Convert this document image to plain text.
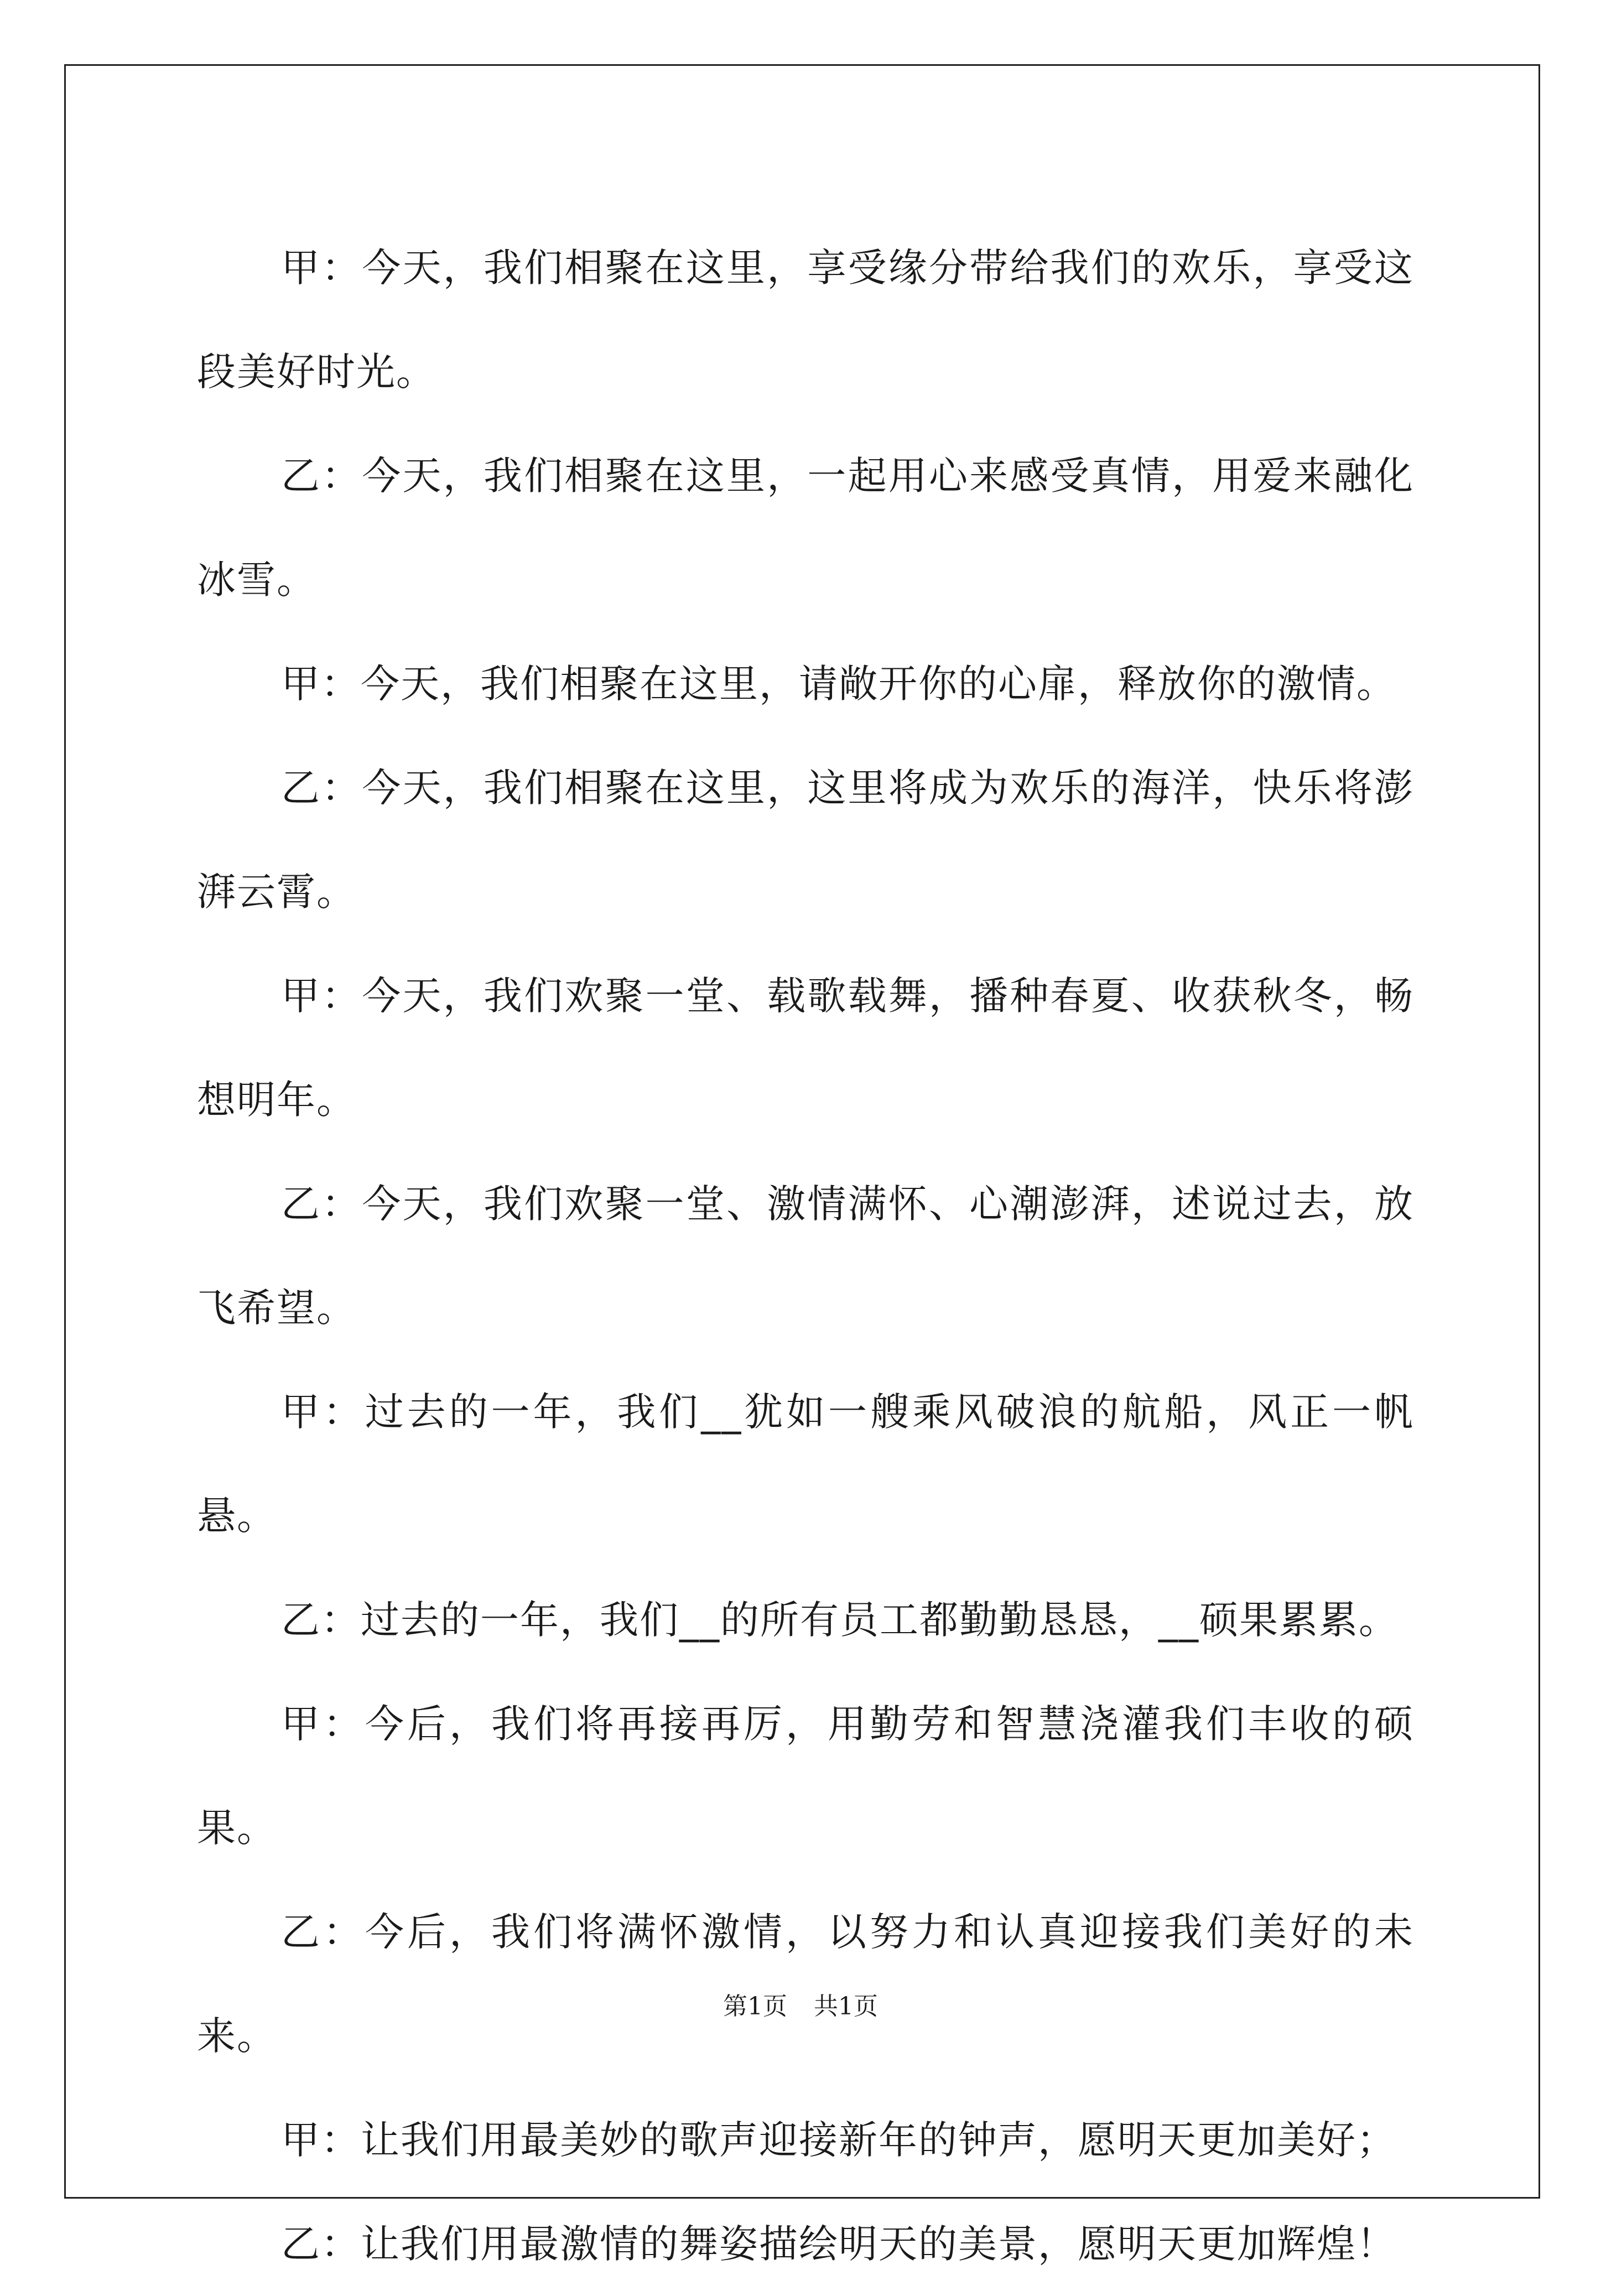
甲：今天，我们相聚在这里，享受缘分带给我们的欢乐，享受这段美好时光。

乙：今天，我们相聚在这里，一起用心来感受真情，用爱来融化冰雪。

甲：今天，我们相聚在这里，请敞开你的心扉，释放你的激情。

乙：今天，我们相聚在这里，这里将成为欢乐的海洋，快乐将澎湃云霄。

甲：今天，我们欢聚一堂、载歌载舞，播种春夏、收获秋冬，畅想明年。

乙：今天，我们欢聚一堂、激情满怀、心潮澎湃，述说过去，放飞希望。

甲：过去的一年，我们__犹如一艘乘风破浪的航船，风正一帆悬。

乙：过去的一年，我们__的所有员工都勤勤恳恳，__硕果累累。

甲：今后，我们将再接再厉，用勤劳和智慧浇灌我们丰收的硕果。

乙：今后，我们将满怀激情，以努力和认真迎接我们美好的未来。

甲：让我们用最美妙的歌声迎接新年的钟声，愿明天更加美好；

乙：让我们用最激情的舞姿描绘明天的美景，愿明天更加辉煌！

第1页 共1页
